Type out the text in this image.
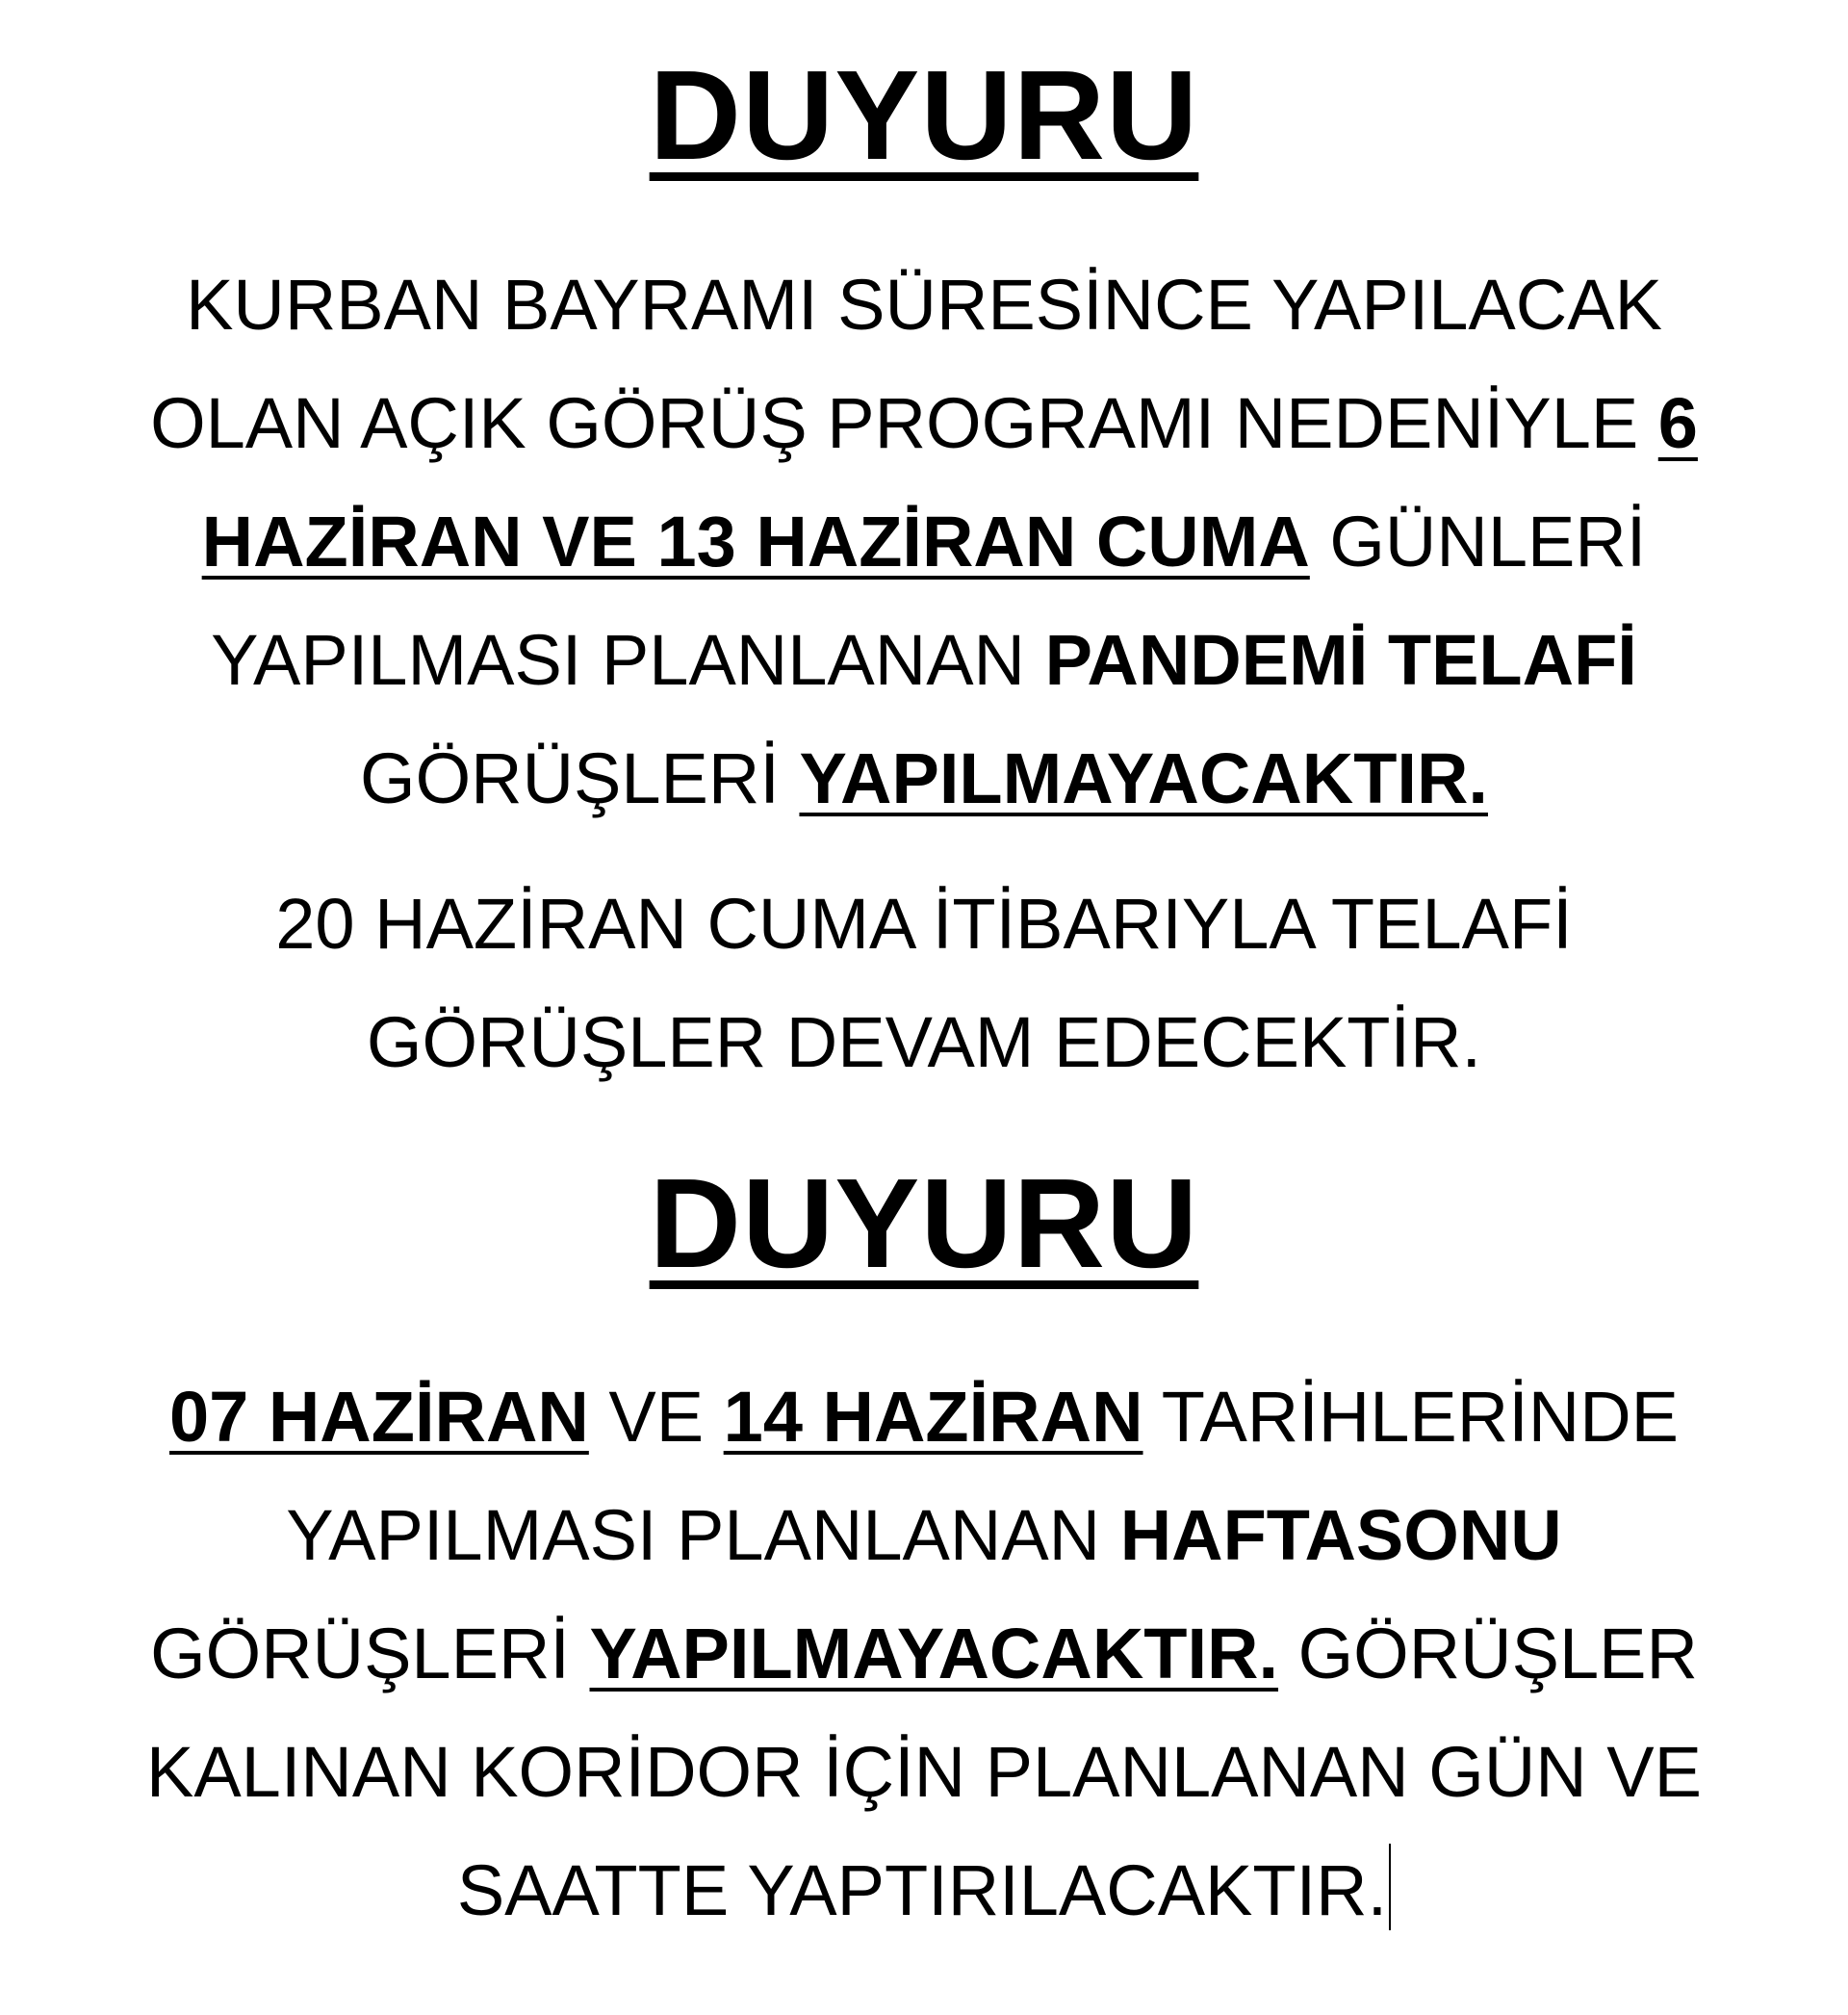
DUYURU
KURBAN BAYRAMI SÜRESİNCE YAPILACAK
OLAN AÇIK GÖRÜŞ PROGRAMI NEDENİYLE 6
HAZİRAN VE 13 HAZİRAN CUMA GÜNLERİ
YAPILMASI PLANLANAN PANDEMİ TELAFİ
GÖRÜŞLERİ YAPILMAYACAKTIR.
20 HAZİRAN CUMA İTİBARIYLA TELAFİ
GÖRÜŞLER DEVAM EDECEKTİR.
DUYURU
07 HAZİRAN VE 14 HAZİRAN TARİHLERİNDE
YAPILMASI PLANLANAN HAFTASONU
GÖRÜŞLERİ YAPILMAYACAKTIR. GÖRÜŞLER
KALINAN KORİDOR İÇİN PLANLANAN GÜN VE
SAATTE YAPTIRILACAKTIR.
